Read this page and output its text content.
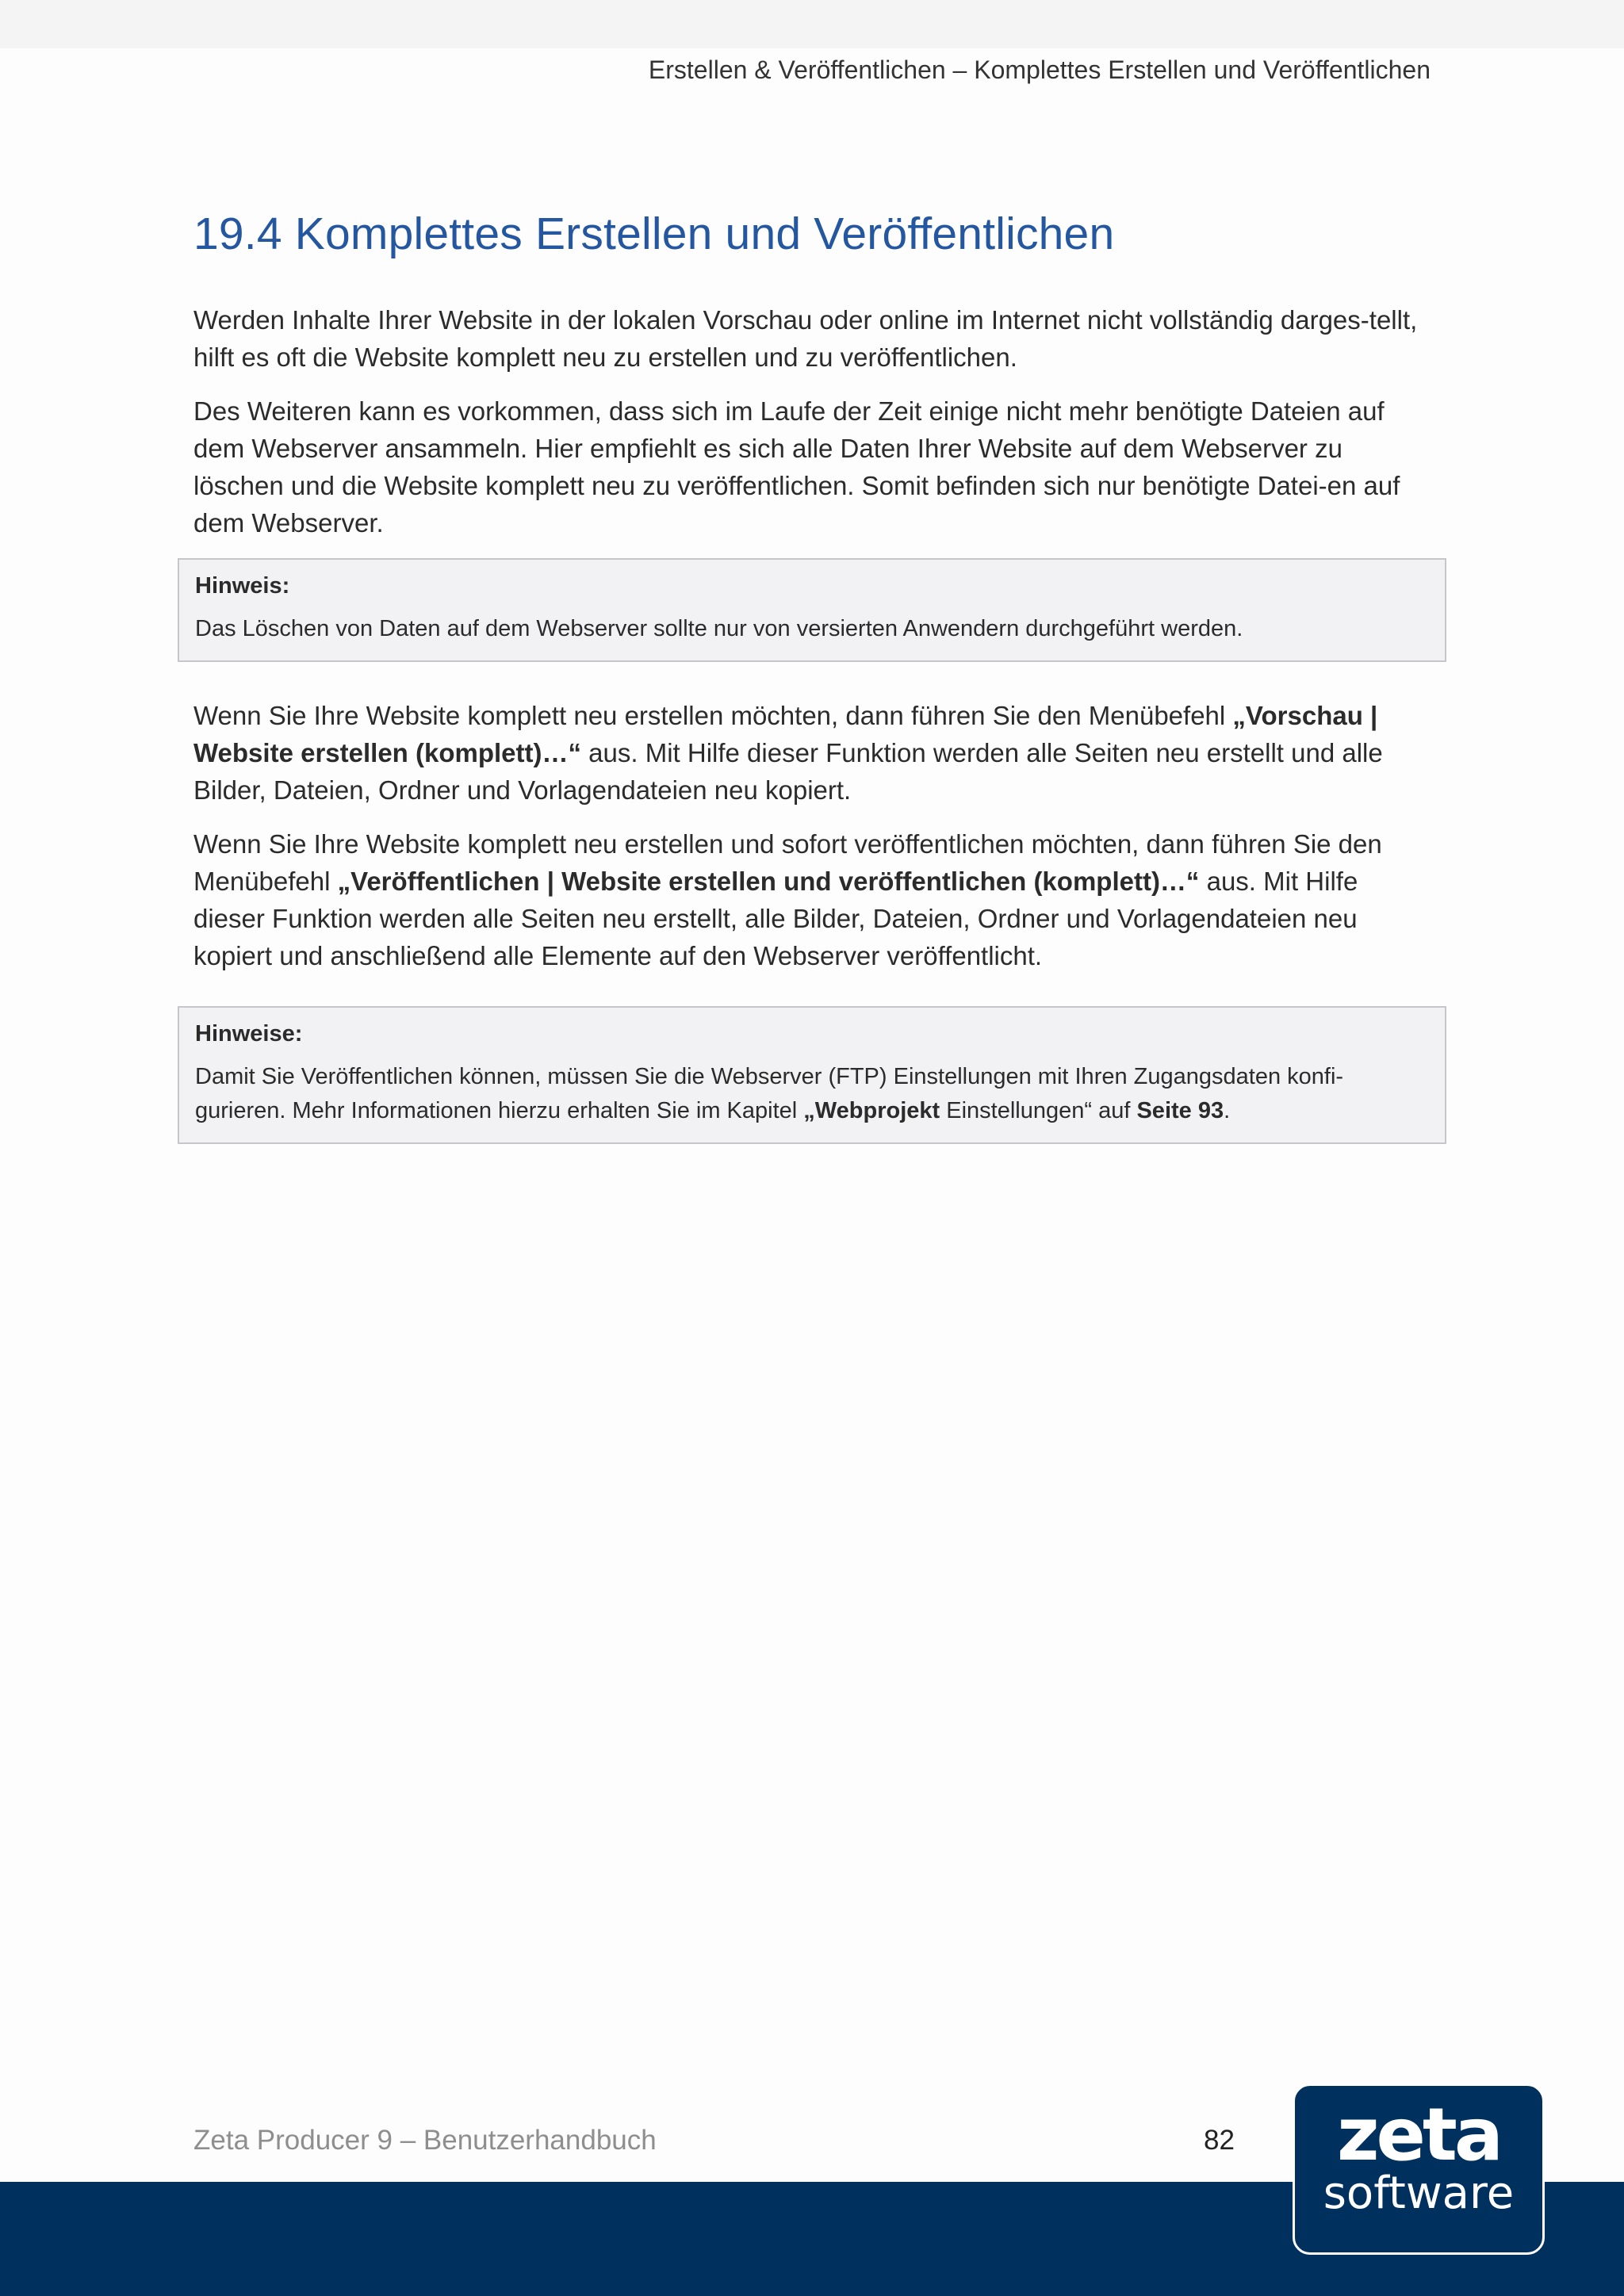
Erstellen & Veröffentlichen – Komplettes Erstellen und Veröffentlichen
19.4 Komplettes Erstellen und Veröffentlichen

Werden Inhalte Ihrer Website in der lokalen Vorschau oder online im Internet nicht vollständig darges-tellt, hilft es oft die Website komplett neu zu erstellen und zu veröffentlichen.

Des Weiteren kann es vorkommen, dass sich im Laufe der Zeit einige nicht mehr benötigte Dateien auf dem Webserver ansammeln. Hier empfiehlt es sich alle Daten Ihrer Website auf dem Webserver zu löschen und die Website komplett neu zu veröffentlichen. Somit befinden sich nur benötigte Datei-en auf dem Webserver.

Hinweis:
Das Löschen von Daten auf dem Webserver sollte nur von versierten Anwendern durchgeführt werden.

Wenn Sie Ihre Website komplett neu erstellen möchten, dann führen Sie den Menübefehl „Vorschau | Website erstellen (komplett)…“ aus. Mit Hilfe dieser Funktion werden alle Seiten neu erstellt und alle Bilder, Dateien, Ordner und Vorlagendateien neu kopiert.

Wenn Sie Ihre Website komplett neu erstellen und sofort veröffentlichen möchten, dann führen Sie den Menübefehl „Veröffentlichen | Website erstellen und veröffentlichen (komplett)…“ aus. Mit Hilfe dieser Funktion werden alle Seiten neu erstellt, alle Bilder, Dateien, Ordner und Vorlagendateien neu kopiert und anschließend alle Elemente auf den Webserver veröffentlicht.

Hinweise:
Damit Sie Veröffentlichen können, müssen Sie die Webserver (FTP) Einstellungen mit Ihren Zugangsdaten konfi-gurieren. Mehr Informationen hierzu erhalten Sie im Kapitel „Webprojekt Einstellungen“ auf Seite 93.
Zeta Producer 9 – Benutzerhandbuch	82	zeta
software
